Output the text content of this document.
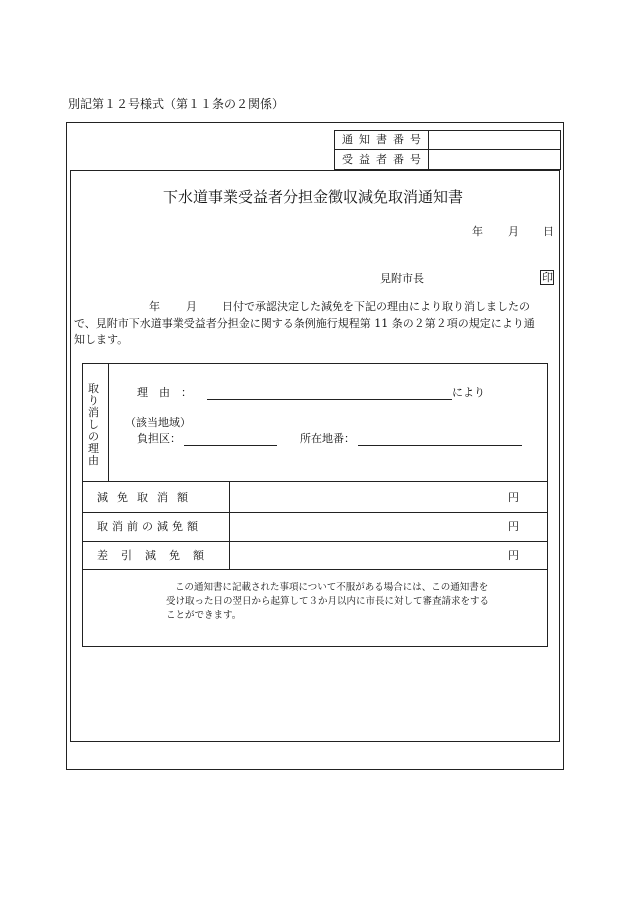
別記第１２号様式（第１１条の２関係）
通知書番号
受益者番号
下水道事業受益者分担金徴収減免取消通知書
年 月 日
見附市長	印
年 月 日付で承認決定した減免を下記の理由により取り消しましたの
で、見附市下水道事業受益者分担金に関する条例施行規程第 11 条の２第２項の規定により通
知します。
取
り
消
し
の
理
由
理　由　：	により
（該当地域）
負担区：	所在地番：
減免取消額	円
取消前の減免額	円
差引減免額	円
この通知書に記載された事項について不服がある場合には、この通知書を
受け取った日の翌日から起算して３か月以内に市長に対して審査請求をする
ことができます。
